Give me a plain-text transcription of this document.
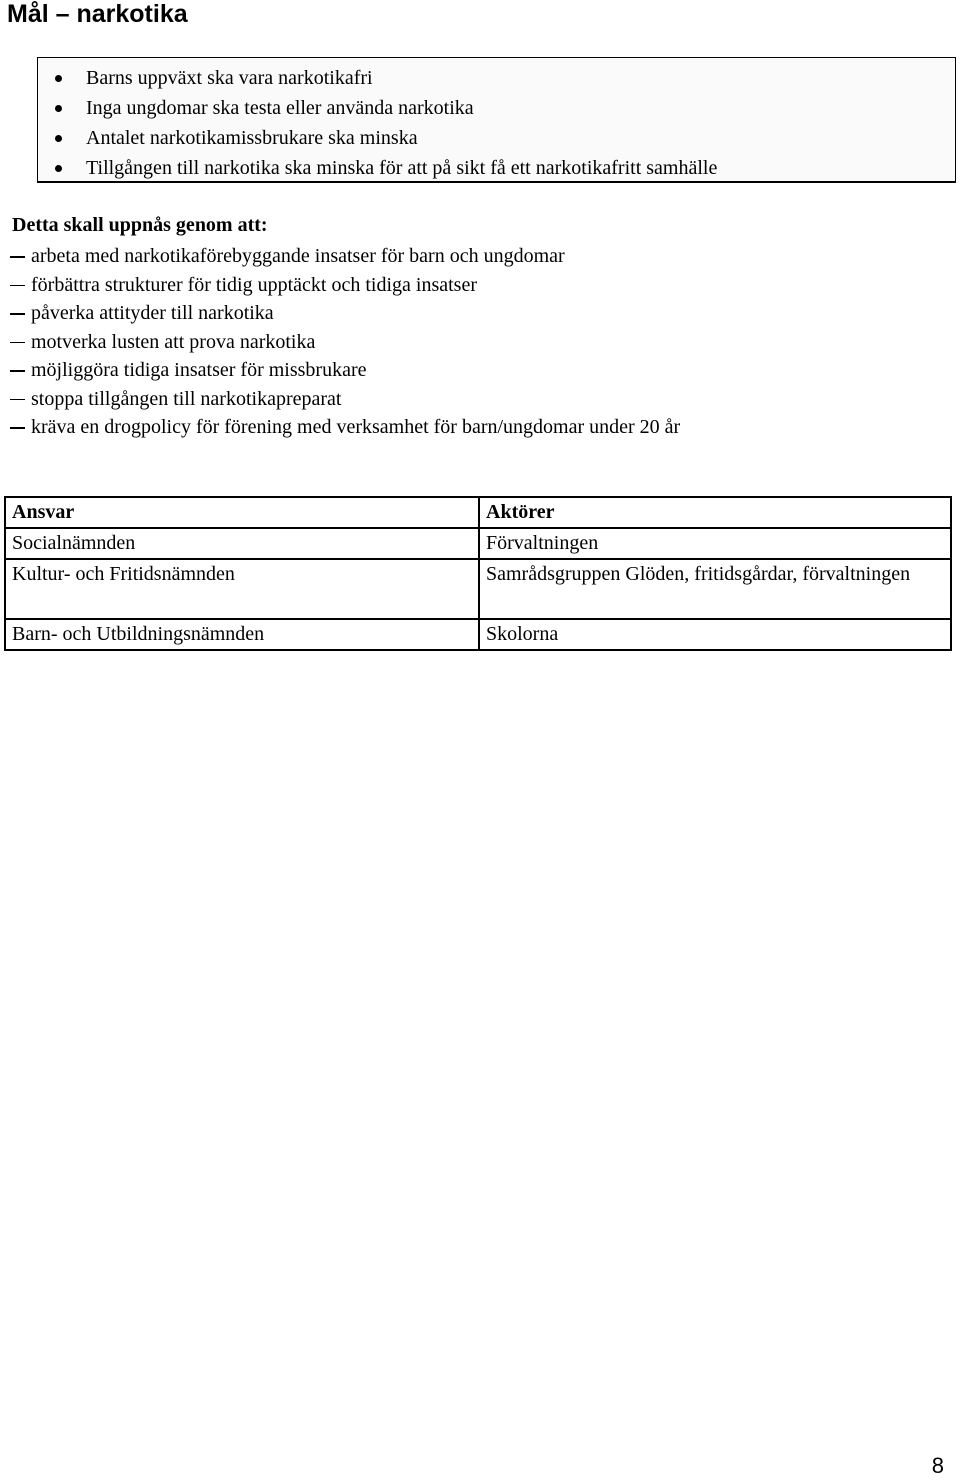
Mål – narkotika
Barns uppväxt ska vara narkotikafri
Inga ungdomar ska testa eller använda narkotika
Antalet narkotikamissbrukare ska minska
Tillgången till narkotika ska minska för att på sikt få ett narkotikafritt samhälle
Detta skall uppnås genom att:
arbeta med narkotikaförebyggande insatser för barn och ungdomar
förbättra strukturer för tidig upptäckt och tidiga insatser
påverka attityder till narkotika
motverka lusten att prova narkotika
möjliggöra tidiga insatser för missbrukare
stoppa tillgången till narkotikapreparat
kräva en drogpolicy för förening med verksamhet för barn/ungdomar under 20 år
Ansvar	Aktörer
Socialnämnden	Förvaltningen
Kultur- och Fritidsnämnden	Samrådsgruppen Glöden, fritidsgårdar, förvaltningen
Barn- och Utbildningsnämnden	Skolorna
8
